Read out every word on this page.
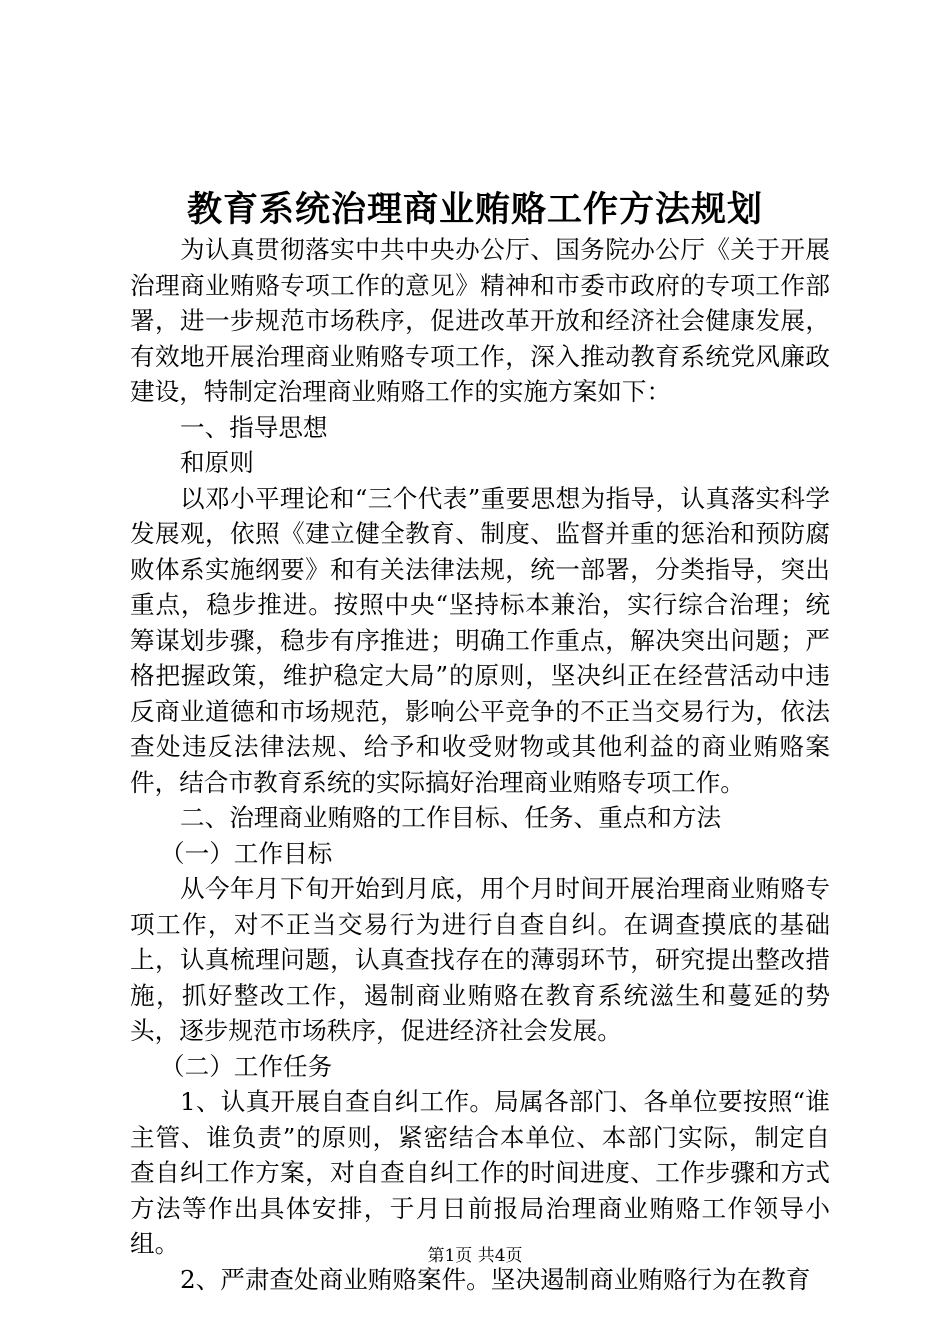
教育系统治理商业贿赂工作方法规划

为认真贯彻落实中共中央办公厅、国务院办公厅《关于开展治理商业贿赂专项工作的意见》精神和市委市政府的专项工作部署，进一步规范市场秩序，促进改革开放和经济社会健康发展，有效地开展治理商业贿赂专项工作，深入推动教育系统党风廉政建设，特制定治理商业贿赂工作的实施方案如下：

一、指导思想

和原则

以邓小平理论和“三个代表”重要思想为指导，认真落实科学发展观，依照《建立健全教育、制度、监督并重的惩治和预防腐败体系实施纲要》和有关法律法规，统一部署，分类指导，突出重点，稳步推进。按照中央“坚持标本兼治，实行综合治理；统筹谋划步骤，稳步有序推进；明确工作重点，解决突出问题；严格把握政策，维护稳定大局”的原则，坚决纠正在经营活动中违反商业道德和市场规范，影响公平竞争的不正当交易行为，依法查处违反法律法规、给予和收受财物或其他利益的商业贿赂案件，结合市教育系统的实际搞好治理商业贿赂专项工作。

二、治理商业贿赂的工作目标、任务、重点和方法

（一）工作目标

从今年月下旬开始到月底，用个月时间开展治理商业贿赂专项工作，对不正当交易行为进行自查自纠。在调查摸底的基础上，认真梳理问题，认真查找存在的薄弱环节，研究提出整改措施，抓好整改工作，遏制商业贿赂在教育系统滋生和蔓延的势头，逐步规范市场秩序，促进经济社会发展。

（二）工作任务

1、认真开展自查自纠工作。局属各部门、各单位要按照“谁主管、谁负责”的原则，紧密结合本单位、本部门实际，制定自查自纠工作方案，对自查自纠工作的时间进度、工作步骤和方式方法等作出具体安排，于月日前报局治理商业贿赂工作领导小组。

2、严肃查处商业贿赂案件。坚决遏制商业贿赂行为在教育

第1页 共4页
